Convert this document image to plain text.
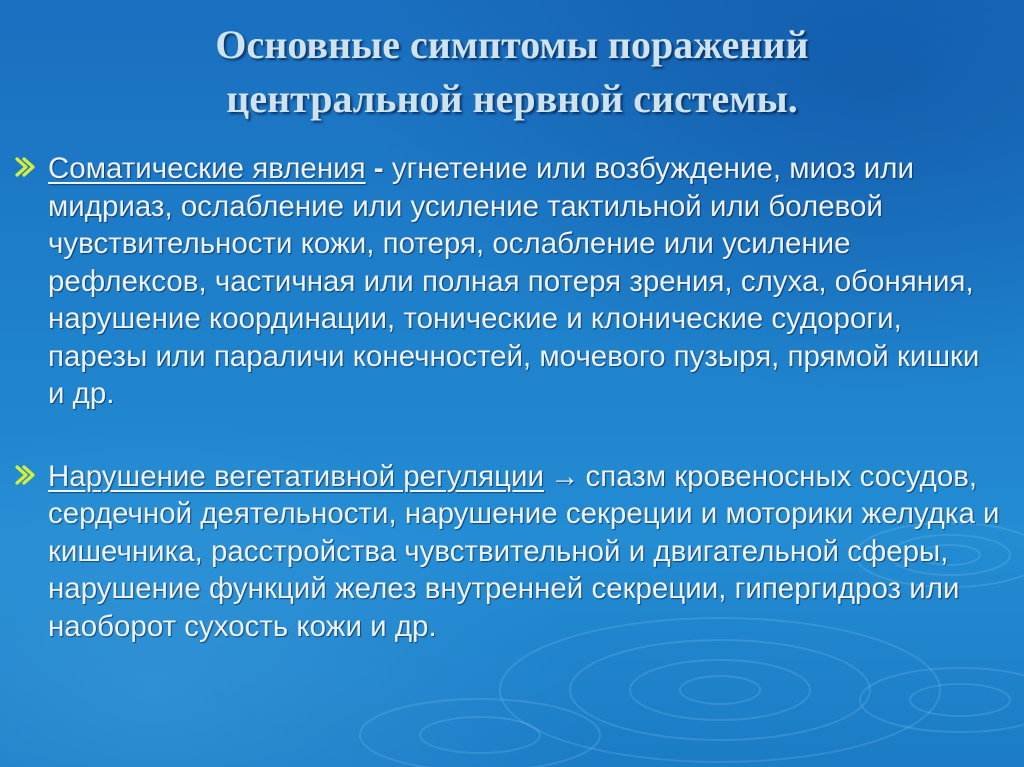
Основные симптомы поражений
центральной нервной системы.
Соматические явления - угнетение или возбуждение, миоз или мидриаз, ослабление или усиление тактильной или болевой чувствительности кожи, потеря, ослабление или усиление рефлексов, частичная или полная потеря зрения, слуха, обоняния, нарушение координации, тонические и клонические судороги, парезы или параличи конечностей, мочевого пузыря, прямой кишки и др.
Нарушение вегетативной регуляции → спазм кровеносных сосудов, сердечной деятельности, нарушение секреции и моторики желудка и кишечника, расстройства чувствительной и двигательной сферы, нарушение функций желез внутренней секреции, гипергидроз или наоборот сухость кожи и др.
